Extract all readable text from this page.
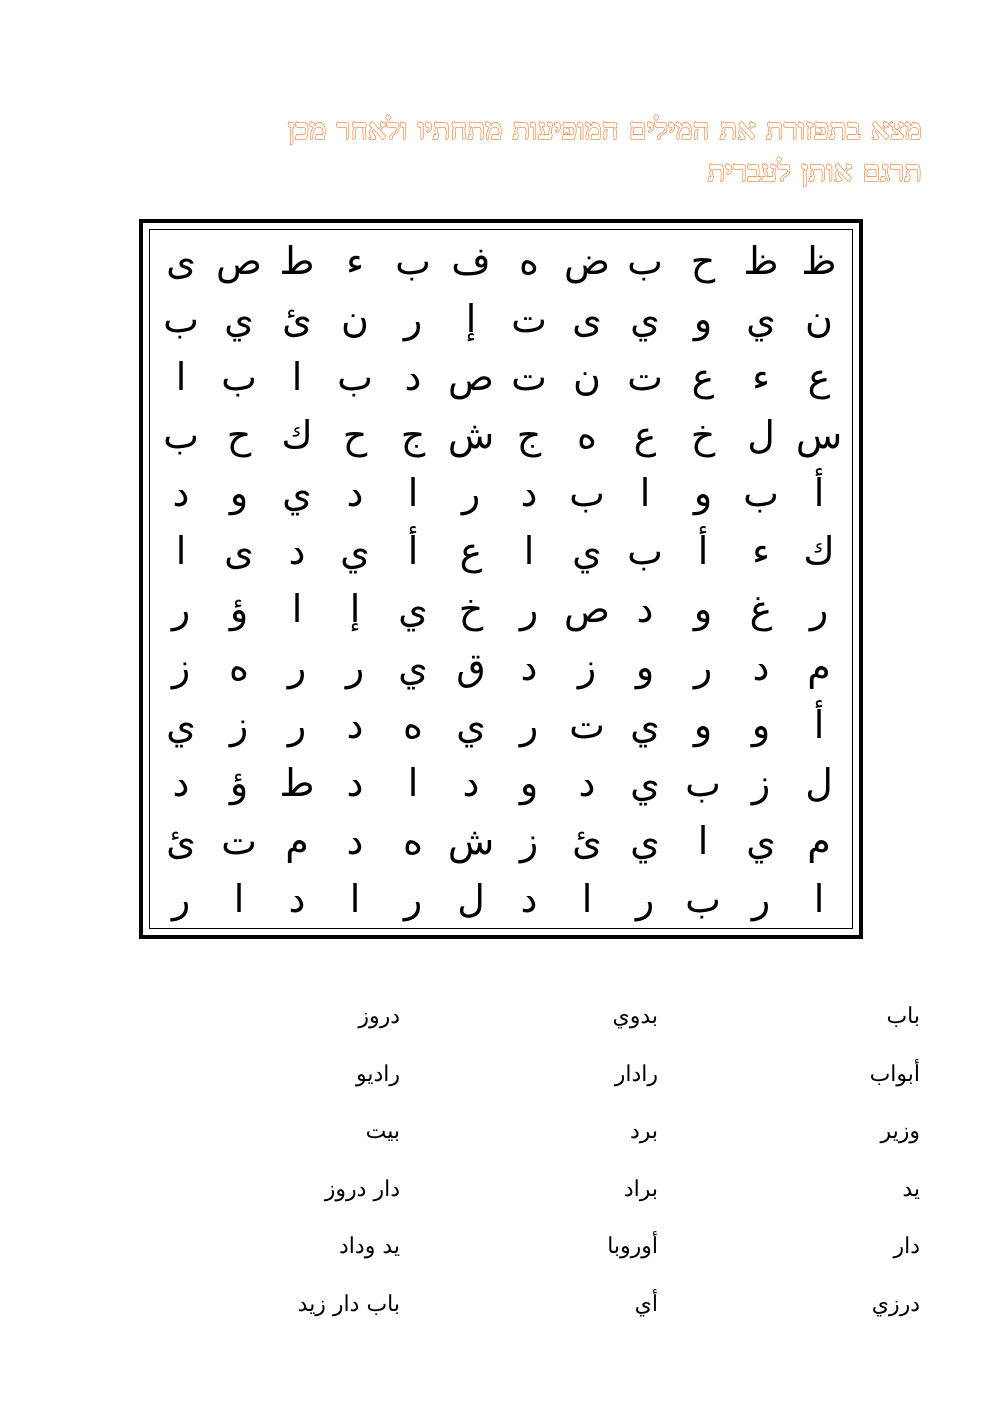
מצא בתפזורת את המילים המופיעות מתחתיו ולאחר מכן
תרגם אותן לעברית
ظ
ظ
ح
ب
ض
ه
ف
ب
ء
ط
ص
ى
ن
ي
و
ي
ى
ت
إ
ر
ن
ئ
ي
ب
ع
ء
ع
ت
ن
ت
ص
د
ب
ا
ب
ا
س
ل
خ
ع
ه
ج
ش
ج
ح
ك
ح
ب
أ
ب
و
ا
ب
د
ر
ا
د
ي
و
د
ك
ء
أ
ب
ي
ا
ع
أ
ي
د
ى
ا
ر
غ
و
د
ص
ر
خ
ي
إ
ا
ؤ
ر
م
د
ر
و
ز
د
ق
ي
ر
ر
ه
ز
أ
و
و
ي
ت
ر
ي
ه
د
ر
ز
ي
ل
ز
ب
ي
د
و
د
ا
د
ط
ؤ
د
م
ي
ا
ي
ئ
ز
ش
ه
د
م
ت
ئ
ا
ر
ب
ر
ا
د
ل
ر
ا
د
ا
ر
باب
بدوي
دروز
أبواب
رادار
راديو
وزير
برد
بيت
يد
براد
دار دروز
دار
أوروبا
يد وداد
درزي
أي
باب دار زيد
